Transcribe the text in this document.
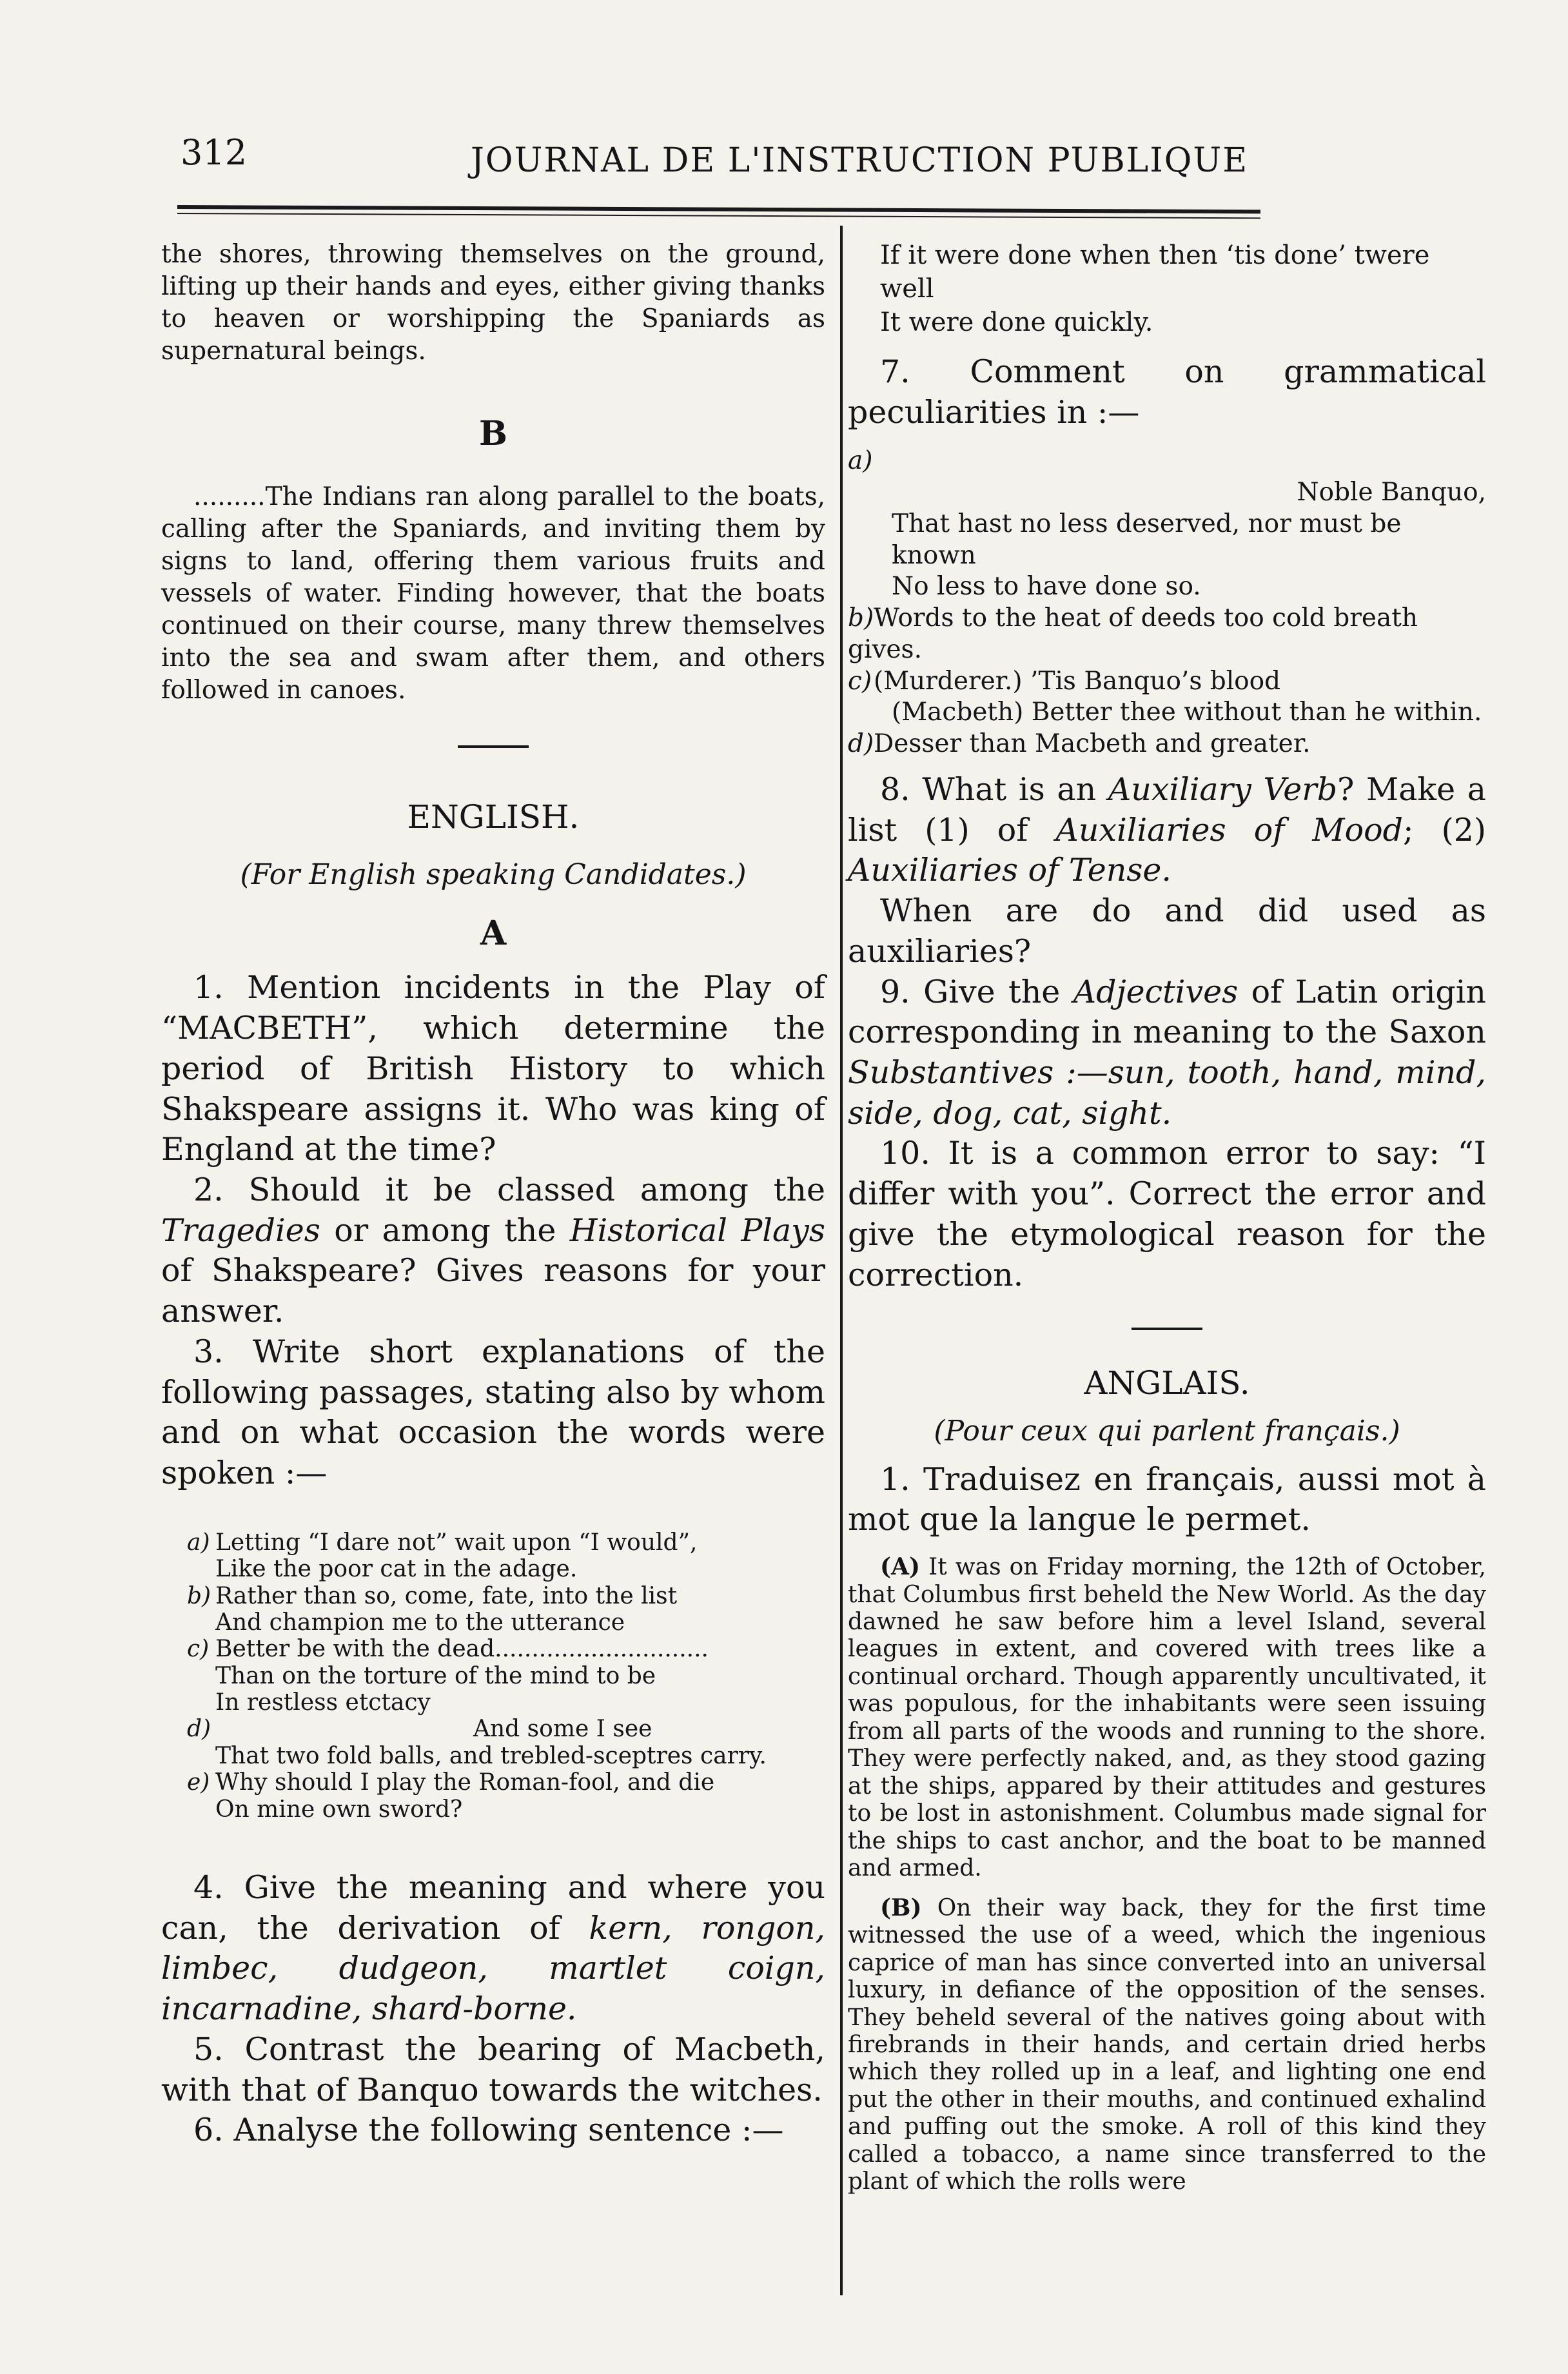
312	JOURNAL DE L'INSTRUCTION PUBLIQUE

the shores, throwing themselves on the ground, lifting up their hands and eyes, either giving thanks to heaven or worshipping the Spaniards as supernatural beings.

B

.........The Indians ran along parallel to the boats, calling after the Spaniards, and inviting them by signs to land, offering them various fruits and vessels of water. Finding however, that the boats continued on their course, many threw themselves into the sea and swam after them, and others followed in canoes.

ENGLISH.

(For English speaking Candidates.)

A

1. Mention incidents in the Play of “MACBETH”, which determine the period of British History to which Shakspeare assigns it. Who was king of England at the time?

2. Should it be classed among the Tragedies or among the Historical Plays of Shakspeare? Gives reasons for your answer.

3. Write short explanations of the following passages, stating also by whom and on what occasion the words were spoken :—

a) Letting “I dare not” wait upon “I would”,
Like the poor cat in the adage.

b) Rather than so, come, fate, into the list
And champion me to the utterance

c) Better be with the dead.............................
Than on the torture of the mind to be
In restless etctacy

d)	And some I see
That two fold balls, and trebled-sceptres carry.

e) Why should I play the Roman-fool, and die
On mine own sword?

4. Give the meaning and where you can, the derivation of kern, rongon, limbec, dudgeon, martlet coign, incarnadine, shard-borne.

5. Contrast the bearing of Macbeth, with that of Banquo towards the witches.

6. Analyse the following sentence :—

If it were done when then ‘tis done’ twere well

It were done quickly.

7. Comment on grammatical peculiarities in :—

a)
Noble Banquo,
That hast no less deserved, nor must be known
No less to have done so.

b)Words to the heat of deeds too cold breath gives.

c)(Murderer.) ’Tis Banquo’s blood
(Macbeth) Better thee without than he within.

d)Desser than Macbeth and greater.

8. What is an Auxiliary Verb? Make a list (1) of Auxiliaries of Mood; (2) Auxiliaries of Tense.

When are do and did used as auxiliaries?

9. Give the Adjectives of Latin origin corresponding in meaning to the Saxon Substantives :—sun, tooth, hand, mind, side, dog, cat, sight.

10. It is a common error to say: “I differ with you”. Correct the error and give the etymological reason for the correction.

ANGLAIS.

(Pour ceux qui parlent français.)

1. Traduisez en français, aussi mot à mot que la langue le permet.

(A) It was on Friday morning, the 12th of October, that Columbus first beheld the New World. As the day dawned he saw before him a level Island, several leagues in extent, and covered with trees like a continual orchard. Though apparently uncultivated, it was populous, for the inhabitants were seen issuing from all parts of the woods and running to the shore. They were perfectly naked, and, as they stood gazing at the ships, appared by their attitudes and gestures to be lost in astonishment. Columbus made signal for the ships to cast anchor, and the boat to be manned and armed.

(B) On their way back, they for the first time witnessed the use of a weed, which the ingenious caprice of man has since converted into an universal luxury, in defiance of the opposition of the senses. They beheld several of the natives going about with firebrands in their hands, and certain dried herbs which they rolled up in a leaf, and lighting one end put the other in their mouths, and continued exhalind and puffing out the smoke. A roll of this kind they called a tobacco, a name since transferred to the plant of which the rolls were
